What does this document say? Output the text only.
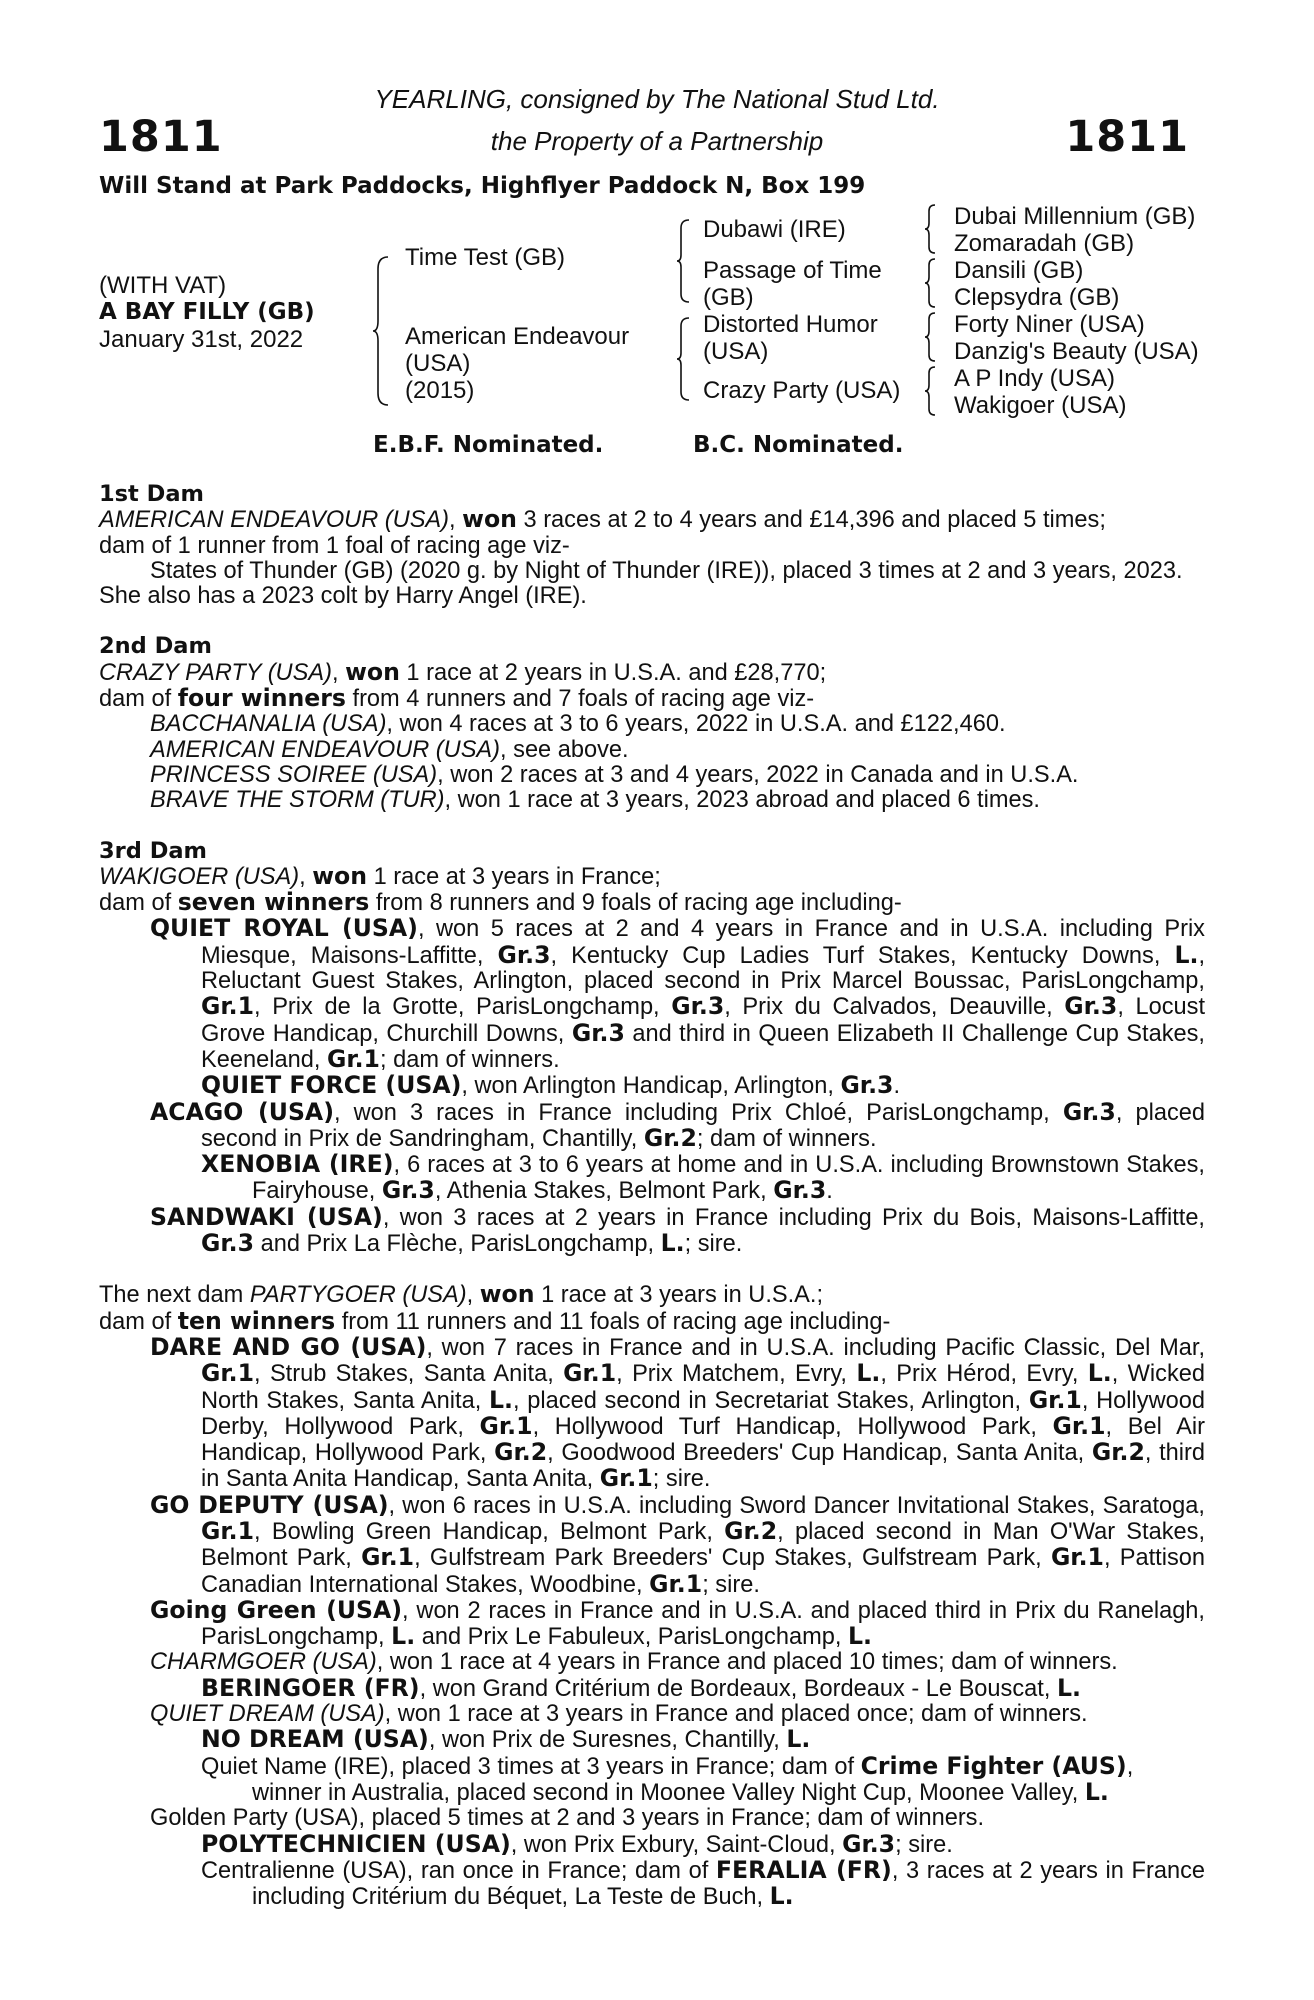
1811	1811
YEARLING, consigned by The National Stud Ltd.
the Property of a Partnership
Will Stand at Park Paddocks, Highflyer Paddock N, Box 199
(WITH VAT)
A BAY FILLY (GB)
January 31st, 2022
Time Test (GB)
American Endeavour
(USA)
(2015)
Dubawi (IRE)
Passage of Time
(GB)
Distorted Humor
(USA)
Crazy Party (USA)
Dubai Millennium (GB)
Zomaradah (GB)
Dansili (GB)
Clepsydra (GB)
Forty Niner (USA)
Danzig's Beauty (USA)
A P Indy (USA)
Wakigoer (USA)
E.B.F. Nominated.	B.C. Nominated.

1st Dam

AMERICAN ENDEAVOUR (USA), won 3 races at 2 to 4 years and £14,396 and placed 5 times;

dam of 1 runner from 1 foal of racing age viz-

States of Thunder (GB) (2020 g. by Night of Thunder (IRE)), placed 3 times at 2 and 3 years, 2023.

She also has a 2023 colt by Harry Angel (IRE).

2nd Dam

CRAZY PARTY (USA), won 1 race at 2 years in U.S.A. and £28,770;

dam of four winners from 4 runners and 7 foals of racing age viz-

BACCHANALIA (USA), won 4 races at 3 to 6 years, 2022 in U.S.A. and £122,460.

AMERICAN ENDEAVOUR (USA), see above.

PRINCESS SOIREE (USA), won 2 races at 3 and 4 years, 2022 in Canada and in U.S.A.

BRAVE THE STORM (TUR), won 1 race at 3 years, 2023 abroad and placed 6 times.

3rd Dam

WAKIGOER (USA), won 1 race at 3 years in France;

dam of seven winners from 8 runners and 9 foals of racing age including-

QUIET ROYAL (USA), won 5 races at 2 and 4 years in France and in U.S.A. including Prix Miesque, Maisons-Laffitte, Gr.3, Kentucky Cup Ladies Turf Stakes, Kentucky Downs, L., Reluctant Guest Stakes, Arlington, placed second in Prix Marcel Boussac, ParisLongchamp, Gr.1, Prix de la Grotte, ParisLongchamp, Gr.3, Prix du Calvados, Deauville, Gr.3, Locust Grove Handicap, Churchill Downs, Gr.3 and third in Queen Elizabeth II Challenge Cup Stakes, Keeneland, Gr.1; dam of winners.

QUIET FORCE (USA), won Arlington Handicap, Arlington, Gr.3.

ACAGO (USA), won 3 races in France including Prix Chloé, ParisLongchamp, Gr.3, placed second in Prix de Sandringham, Chantilly, Gr.2; dam of winners.

XENOBIA (IRE), 6 races at 3 to 6 years at home and in U.S.A. including Brownstown Stakes, Fairyhouse, Gr.3, Athenia Stakes, Belmont Park, Gr.3.

SANDWAKI (USA), won 3 races at 2 years in France including Prix du Bois, Maisons-Laffitte, Gr.3 and Prix La Flèche, ParisLongchamp, L.; sire.

The next dam PARTYGOER (USA), won 1 race at 3 years in U.S.A.;

dam of ten winners from 11 runners and 11 foals of racing age including-

DARE AND GO (USA), won 7 races in France and in U.S.A. including Pacific Classic, Del Mar, Gr.1, Strub Stakes, Santa Anita, Gr.1, Prix Matchem, Evry, L., Prix Hérod, Evry, L., Wicked North Stakes, Santa Anita, L., placed second in Secretariat Stakes, Arlington, Gr.1, Hollywood Derby, Hollywood Park, Gr.1, Hollywood Turf Handicap, Hollywood Park, Gr.1, Bel Air Handicap, Hollywood Park, Gr.2, Goodwood Breeders' Cup Handicap, Santa Anita, Gr.2, third in Santa Anita Handicap, Santa Anita, Gr.1; sire.

GO DEPUTY (USA), won 6 races in U.S.A. including Sword Dancer Invitational Stakes, Saratoga, Gr.1, Bowling Green Handicap, Belmont Park, Gr.2, placed second in Man O'War Stakes, Belmont Park, Gr.1, Gulfstream Park Breeders' Cup Stakes, Gulfstream Park, Gr.1, Pattison Canadian International Stakes, Woodbine, Gr.1; sire.

Going Green (USA), won 2 races in France and in U.S.A. and placed third in Prix du Ranelagh, ParisLongchamp, L. and Prix Le Fabuleux, ParisLongchamp, L.

CHARMGOER (USA), won 1 race at 4 years in France and placed 10 times; dam of winners.

BERINGOER (FR), won Grand Critérium de Bordeaux, Bordeaux - Le Bouscat, L.

QUIET DREAM (USA), won 1 race at 3 years in France and placed once; dam of winners.

NO DREAM (USA), won Prix de Suresnes, Chantilly, L.

Quiet Name (IRE), placed 3 times at 3 years in France; dam of Crime Fighter (AUS), winner in Australia, placed second in Moonee Valley Night Cup, Moonee Valley, L.

Golden Party (USA), placed 5 times at 2 and 3 years in France; dam of winners.

POLYTECHNICIEN (USA), won Prix Exbury, Saint-Cloud, Gr.3; sire.

Centralienne (USA), ran once in France; dam of FERALIA (FR), 3 races at 2 years in France including Critérium du Béquet, La Teste de Buch, L.
